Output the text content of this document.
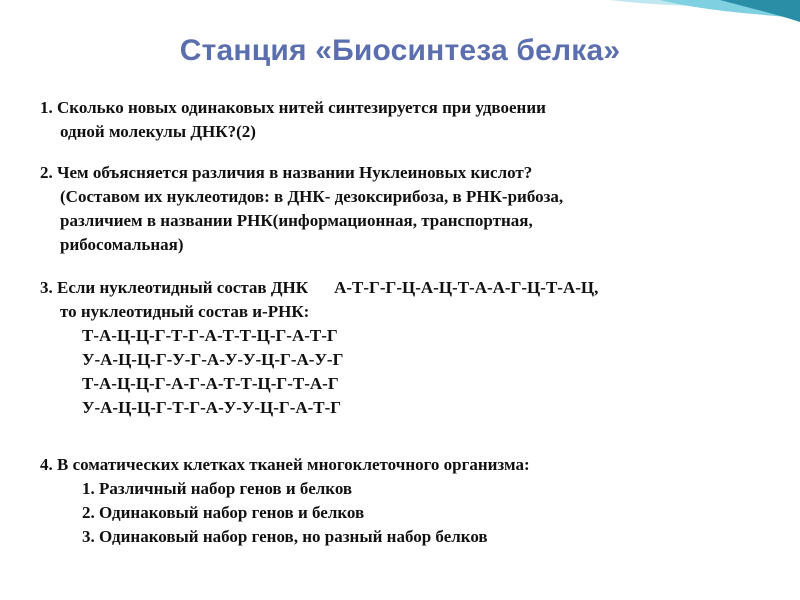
Станция «Биосинтеза белка»
1. Сколько новых одинаковых нитей синтезируется при удвоении
одной молекулы ДНК?(2)
2. Чем объясняется различия в названии Нуклеиновых кислот?
(Составом их нуклеотидов: в ДНК- дезоксирибоза, в РНК-рибоза,
различием в названии РНК(информационная, транспортная,
рибосомальная)
3. Если нуклеотидный состав ДНК А-Т-Г-Г-Ц-А-Ц-Т-А-А-Г-Ц-Т-А-Ц,
то нуклеотидный состав и-РНК:
Т-А-Ц-Ц-Г-Т-Г-А-Т-Т-Ц-Г-А-Т-Г
У-А-Ц-Ц-Г-У-Г-А-У-У-Ц-Г-А-У-Г
Т-А-Ц-Ц-Г-А-Г-А-Т-Т-Ц-Г-Т-А-Г
У-А-Ц-Ц-Г-Т-Г-А-У-У-Ц-Г-А-Т-Г
4. В соматических клетках тканей многоклеточного организма:
1. Различный набор генов и белков
2. Одинаковый набор генов и белков
3. Одинаковый набор генов, но разный набор белков
